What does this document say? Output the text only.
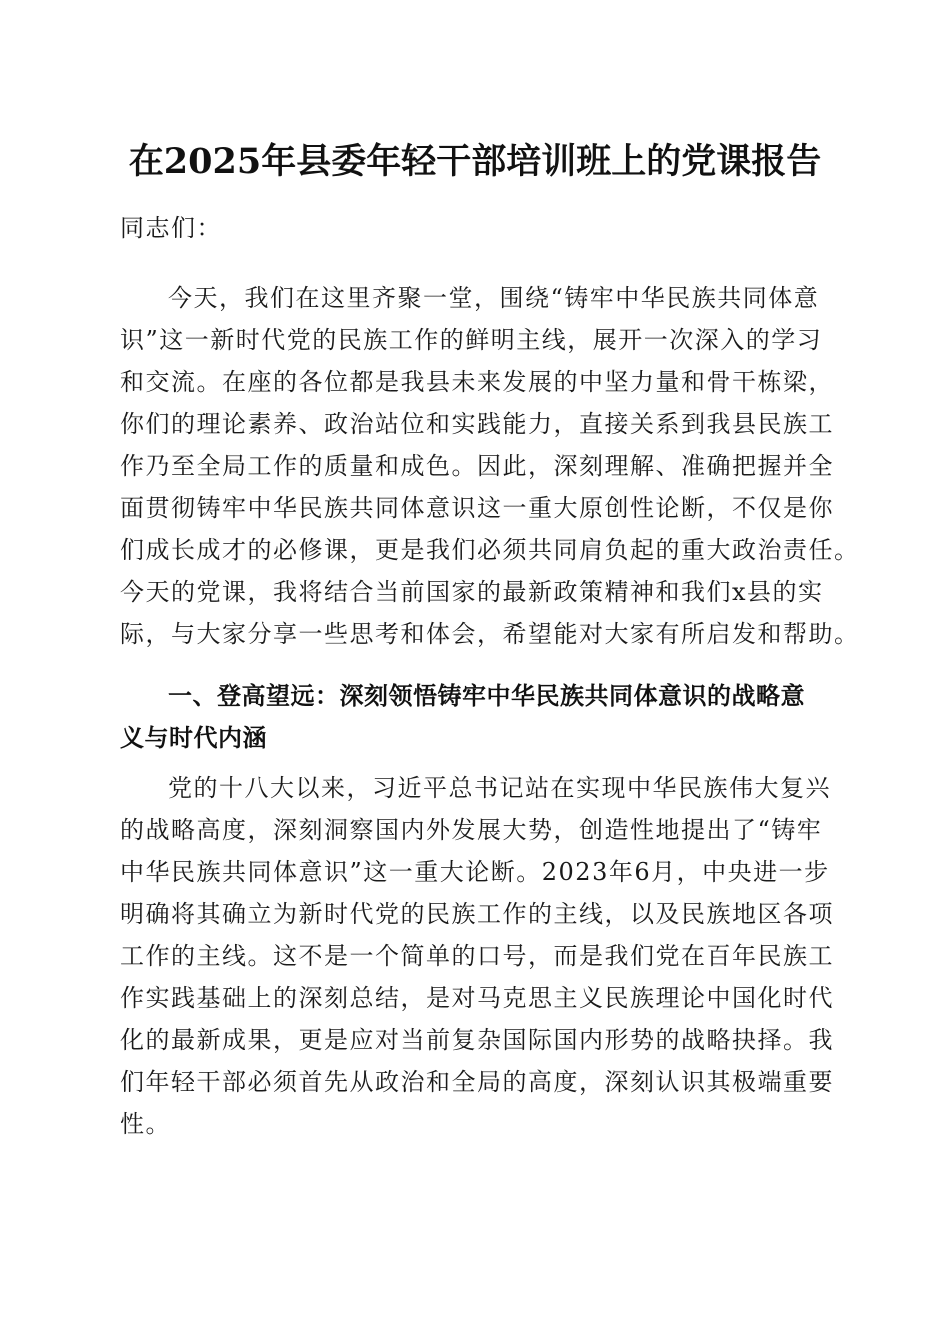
在2025年县委年轻干部培训班上的党课报告
同志们：
今天，我们在这里齐聚一堂，围绕“铸牢中华民族共同体意
识”这一新时代党的民族工作的鲜明主线，展开一次深入的学习
和交流。在座的各位都是我县未来发展的中坚力量和骨干栋梁，
你们的理论素养、政治站位和实践能力，直接关系到我县民族工
作乃至全局工作的质量和成色。因此，深刻理解、准确把握并全
面贯彻铸牢中华民族共同体意识这一重大原创性论断，不仅是你
们成长成才的必修课，更是我们必须共同肩负起的重大政治责任。
今天的党课，我将结合当前国家的最新政策精神和我们x县的实
际，与大家分享一些思考和体会，希望能对大家有所启发和帮助。
一、登高望远：深刻领悟铸牢中华民族共同体意识的战略意
义与时代内涵
党的十八大以来，习近平总书记站在实现中华民族伟大复兴
的战略高度，深刻洞察国内外发展大势，创造性地提出了“铸牢
中华民族共同体意识”这一重大论断。2023年6月，中央进一步
明确将其确立为新时代党的民族工作的主线，以及民族地区各项
工作的主线。这不是一个简单的口号，而是我们党在百年民族工
作实践基础上的深刻总结，是对马克思主义民族理论中国化时代
化的最新成果，更是应对当前复杂国际国内形势的战略抉择。我
们年轻干部必须首先从政治和全局的高度，深刻认识其极端重要
性。
